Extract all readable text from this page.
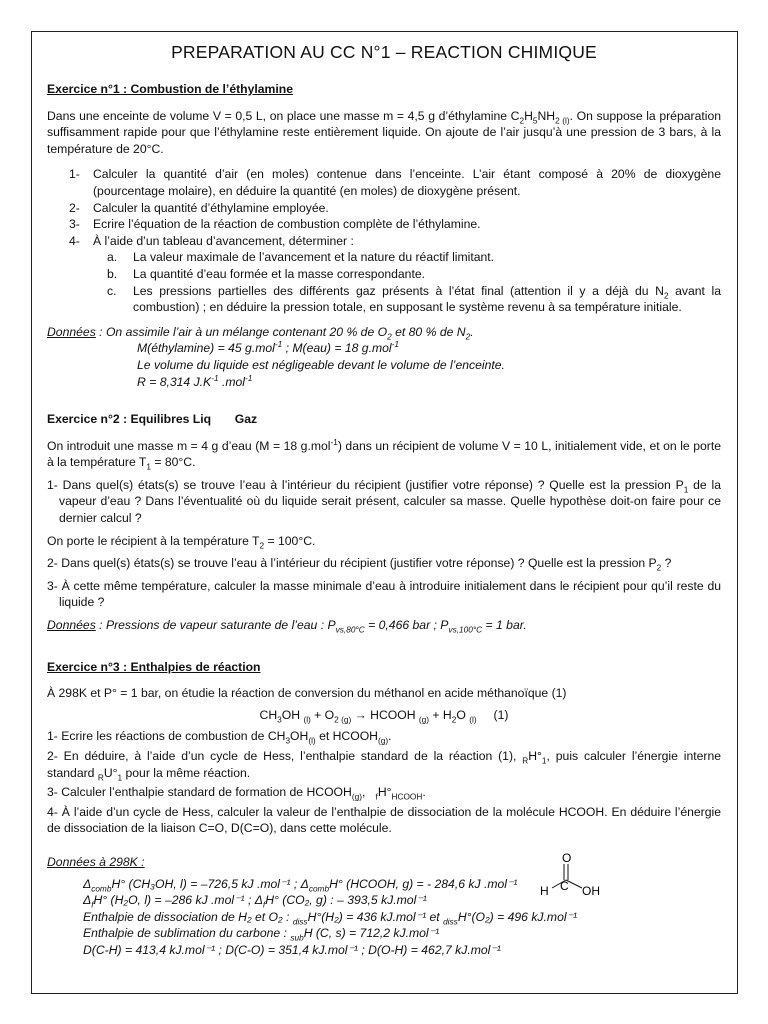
PREPARATION AU CC N°1 – REACTION CHIMIQUE

Exercice n°1 : Combustion de l’éthylamine

Dans une enceinte de volume V = 0,5 L, on place une masse m = 4,5 g d’éthylamine $C_2H_5NH_{2 (l)}$. On suppose la préparation suffisamment rapide pour que l’éthylamine reste entièrement liquide. On ajoute de l’air jusqu’à une pression de 3 bars, à la température de 20°C.

1-	Calculer la quantité d’air (en moles) contenue dans l’enceinte. L’air étant composé à 20% de dioxygène (pourcentage molaire), en déduire la quantité (en moles) de dioxygène présent.
2-	Calculer la quantité d’éthylamine employée.
3-	Ecrire l’équation de la réaction de combustion complète de l’éthylamine.
4-	À l’aide d’un tableau d’avancement, déterminer :
a.	La valeur maximale de l’avancement et la nature du réactif limitant.
b.	La quantité d’eau formée et la masse correspondante.
c.	Les pressions partielles des différents gaz présents à l’état final (attention il y a déjà du $N_2$ avant la combustion) ; en déduire la pression totale, en supposant le système revenu à sa température initiale.

Données : On assimile l’air à un mélange contenant 20 % de $O_2$ et 80 % de $N_2$.

M(éthylamine) = 45 g.mol$^{-1}$ ; M(eau) = 18 g.mol$^{-1}$

Le volume du liquide est négligeable devant le volume de l’enceinte.

R = 8,314 $J.K^{-1}$ .mol$^{-1}$

Exercice n°2 : Equilibres Liq       Gaz

On introduit une masse m = 4 g d’eau (M = 18 g.mol$^{-1}$) dans un récipient de volume V = 10 L, initialement vide, et on le porte à la température $T_1 = 80^\circ C$.

1- Dans quel(s) états(s) se trouve l’eau à l’intérieur du récipient (justifier votre réponse) ? Quelle est la pression $P_1$ de la vapeur d’eau ? Dans l’éventualité où du liquide serait présent, calculer sa masse. Quelle hypothèse doit-on faire pour ce dernier calcul ?

On porte le récipient à la température $T_2 = 100^\circ C$.

2- Dans quel(s) états(s) se trouve l’eau à l’intérieur du récipient (justifier votre réponse) ? Quelle est la pression $P_2$ ?

3- À cette même température, calculer la masse minimale d’eau à introduire initialement dans le récipient pour qu’il reste du liquide ?

Données : Pressions de vapeur saturante de l’eau : $P_{vs,80^\circ C} = 0,466$ bar ; $P_{vs,100^\circ C} = 1$ bar.

Exercice n°3 : Enthalpies de réaction

À 298K et P° = 1 bar, on étudie la réaction de conversion du méthanol en acide méthanoïque (1)

$CH_3OH$ $_{(l)} + O_{2 (g)}$ → HCOOH $_{(g)} + H_2O$ $_{(l)}$ (1)

1- Ecrire les réactions de combustion de $CH_3OH_{(l)}$ et $HCOOH_{(g)}$.

2- En déduire, à l’aide d’un cycle de Hess, l’enthalpie standard de la réaction (1), $_RH^\circ_1$, puis calculer l’énergie interne standard $_RU^\circ_1$ pour la même réaction.

3- Calculer l’enthalpie standard de formation de $HCOOH_{(g)}$,   $_fH^\circ_{HCOOH}$.

4- À l’aide d’un cycle de Hess, calculer la valeur de l’enthalpie de dissociation de la molécule HCOOH. En déduire l’énergie de dissociation de la liaison C=O, D(C=O), dans cette molécule.

Données à 298K :

$\Delta_{comb}H^\circ$ (CH₃OH, l) = –726,5 kJ .mol⁻¹ ; $\Delta_{comb}H^\circ$ (HCOOH, g) = - 284,6 kJ .mol⁻¹

$\Delta_fH^\circ$ (H₂O, l) = –286 kJ .mol⁻¹ ; $\Delta_fH^\circ$ (CO₂, g) : – 393,5 kJ.mol⁻¹

Enthalpie de dissociation de H₂ et O₂ : $_{diss}$H°(H₂) = 436 kJ.mol⁻¹ et $_{diss}$H°(O₂) = 496 kJ.mol⁻¹

Enthalpie de sublimation du carbone : $_{sub}$H (C, s) = 712,2 kJ.mol⁻¹

D(C-H) = 413,4 kJ.mol⁻¹ ; D(C-O) = 351,4 kJ.mol⁻¹ ; D(O-H) = 462,7 kJ.mol⁻¹

O
H C OH
